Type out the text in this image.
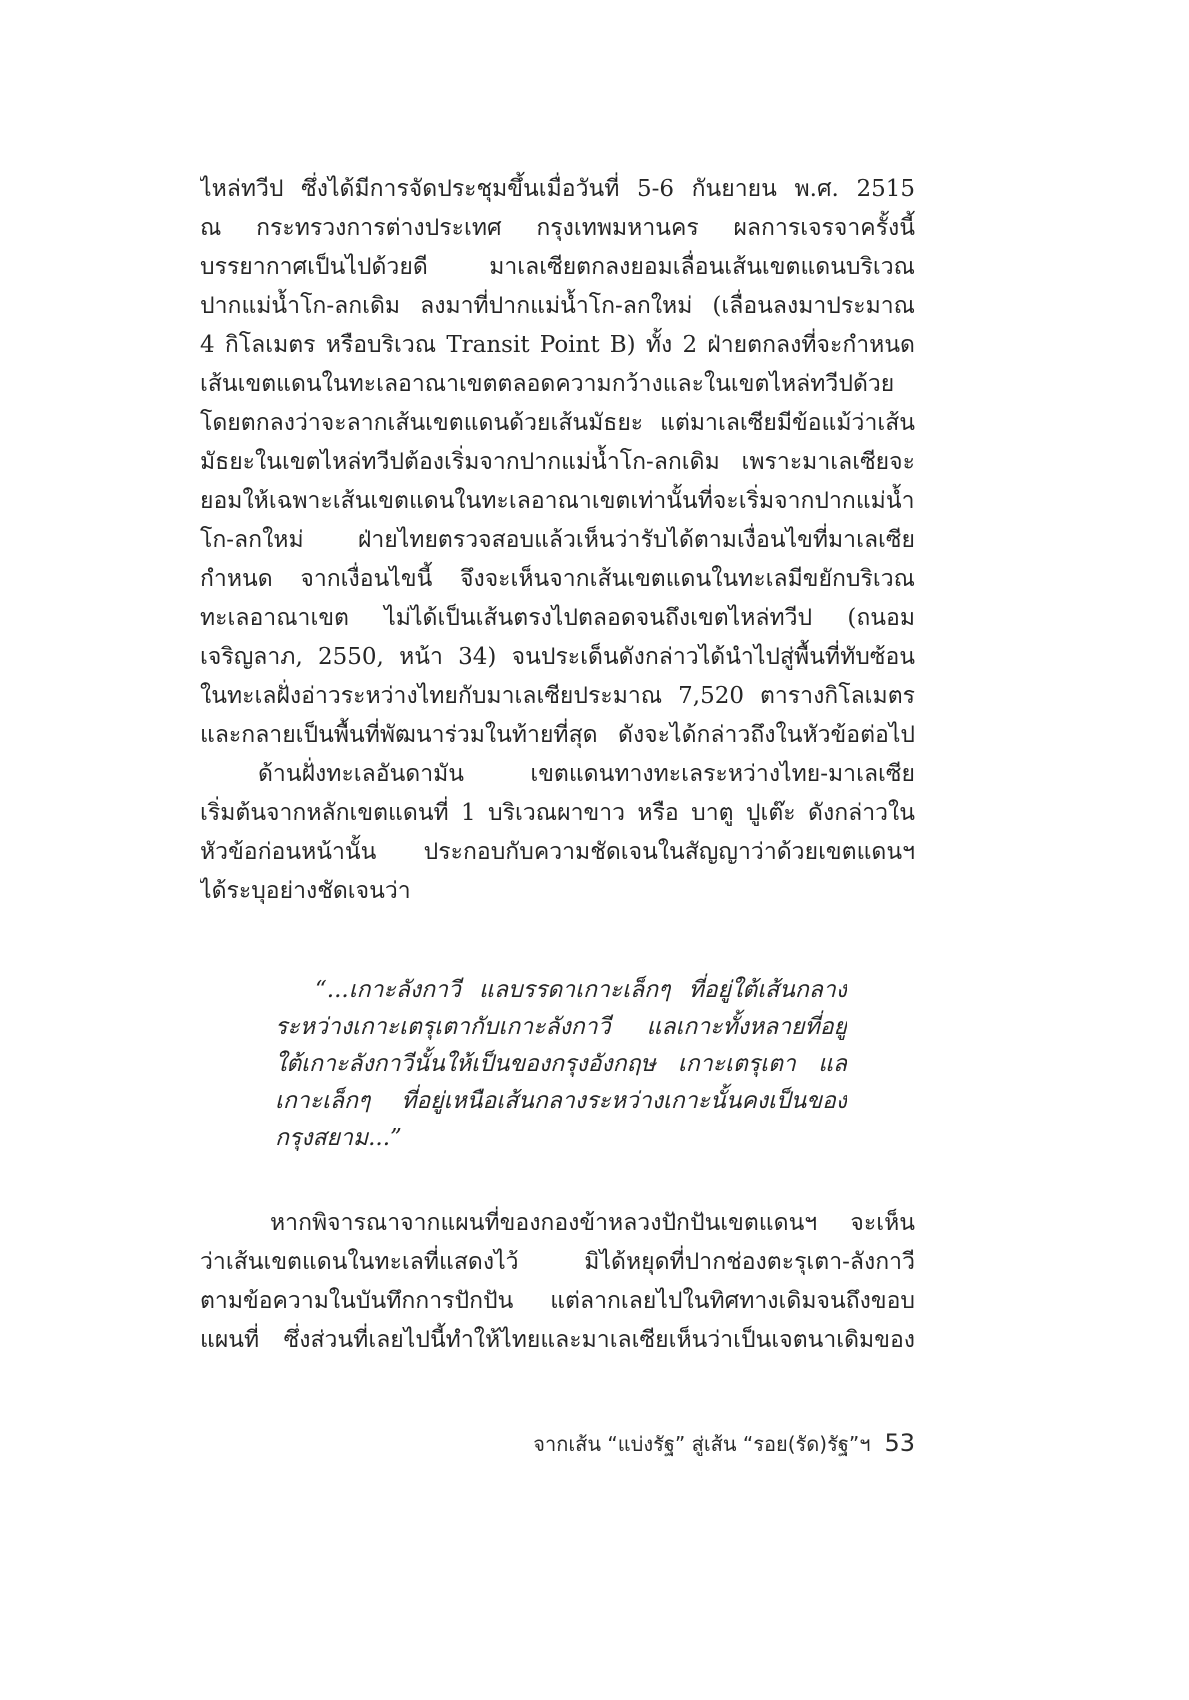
ไหล่ทวีป ซึ่งได้มีการจัดประชุมขึ้นเมื่อวันที่ 5-6 กันยายน พ.ศ. 2515
ณ กระทรวงการต่างประเทศ กรุงเทพมหานคร ผลการเจรจาครั้งนี้
บรรยากาศเป็นไปด้วยดี มาเลเซียตกลงยอมเลื่อนเส้นเขตแดนบริเวณ
ปากแม่น้ำโก-ลกเดิม ลงมาที่ปากแม่น้ำโก-ลกใหม่ (เลื่อนลงมาประมาณ
4 กิโลเมตร หรือบริเวณ Transit Point B) ทั้ง 2 ฝ่ายตกลงที่จะกำหนด
เส้นเขตแดนในทะเลอาณาเขตตลอดความกว้างและในเขตไหล่ทวีปด้วย
โดยตกลงว่าจะลากเส้นเขตแดนด้วยเส้นมัธยะ แต่มาเลเซียมีข้อแม้ว่าเส้น
มัธยะในเขตไหล่ทวีปต้องเริ่มจากปากแม่น้ำโก-ลกเดิม เพราะมาเลเซียจะ
ยอมให้เฉพาะเส้นเขตแดนในทะเลอาณาเขตเท่านั้นที่จะเริ่มจากปากแม่น้ำ
โก-ลกใหม่ ฝ่ายไทยตรวจสอบแล้วเห็นว่ารับได้ตามเงื่อนไขที่มาเลเซีย
กำหนด จากเงื่อนไขนี้ จึงจะเห็นจากเส้นเขตแดนในทะเลมีขยักบริเวณ
ทะเลอาณาเขต ไม่ได้เป็นเส้นตรงไปตลอดจนถึงเขตไหล่ทวีป (ถนอม
เจริญลาภ, 2550, หน้า 34) จนประเด็นดังกล่าวได้นำไปสู่พื้นที่ทับซ้อน
ในทะเลฝั่งอ่าวระหว่างไทยกับมาเลเซียประมาณ 7,520 ตารางกิโลเมตร
และกลายเป็นพื้นที่พัฒนาร่วมในท้ายที่สุด ดังจะได้กล่าวถึงในหัวข้อต่อไป
ด้านฝั่งทะเลอันดามัน เขตแดนทางทะเลระหว่างไทย-มาเลเซีย
เริ่มต้นจากหลักเขตแดนที่ 1 บริเวณผาขาว หรือ บาตู ปูเต๊ะ ดังกล่าวใน
หัวข้อก่อนหน้านั้น ประกอบกับความชัดเจนในสัญญาว่าด้วยเขตแดนฯ
ได้ระบุอย่างชัดเจนว่า
“...เกาะลังกาวี แลบรรดาเกาะเล็กๆ ที่อยู่ใต้เส้นกลาง
ระหว่างเกาะเตรุเตากับเกาะลังกาวี แลเกาะทั้งหลายที่อยู่
ใต้เกาะลังกาวีนั้นให้เป็นของกรุงอังกฤษ เกาะเตรุเตา แล
เกาะเล็กๆ ที่อยู่เหนือเส้นกลางระหว่างเกาะนั้นคงเป็นของ
กรุงสยาม...”
หากพิจารณาจากแผนที่ของกองข้าหลวงปักปันเขตแดนฯ จะเห็น
ว่าเส้นเขตแดนในทะเลที่แสดงไว้ มิได้หยุดที่ปากช่องตะรุเตา-ลังกาวี
ตามข้อความในบันทึกการปักปัน แต่ลากเลยไปในทิศทางเดิมจนถึงขอบ
แผนที่ ซึ่งส่วนที่เลยไปนี้ทำให้ไทยและมาเลเซียเห็นว่าเป็นเจตนาเดิมของ
จากเส้น “แบ่งรัฐ” สู่เส้น “รอย(รัด)รัฐ”ฯ 53
